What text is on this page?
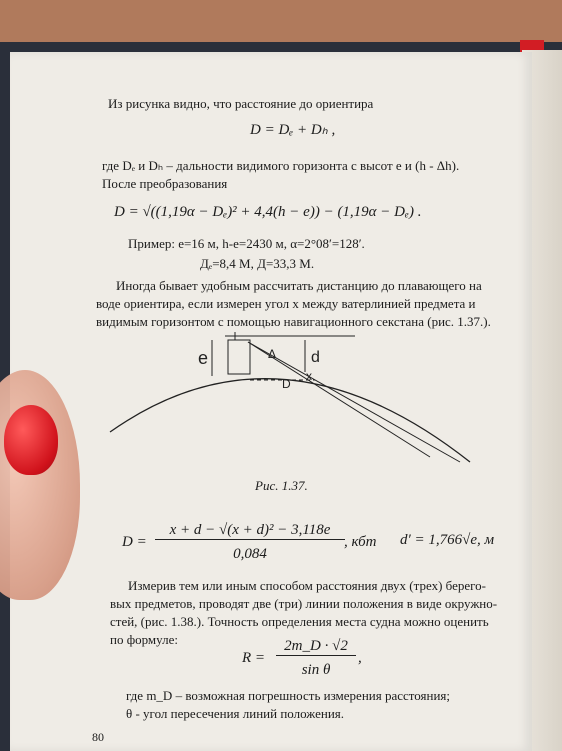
Из рисунка видно, что расстояние до ориентира
D = Dₑ + Dₕ ,
где Dₑ и Dₕ – дальности видимого горизонта с высот e и (h - Δh).
После преобразования
D = √((1,19α − Dₑ)² + 4,4(h − e)) − (1,19α − Dₑ) .
Пример: e=16 м, h-e=2430 м, α=2°08′=128′.
Дₑ=8,4 М, Д=33,3 М.
Иногда бывает удобным рассчитать дистанцию до плавающего на
воде ориентира, если измерен угол х между ватерлинией предмета и
видимым горизонтом с помощью навигационного секстана (рис. 1.37.).
e	Δ d
x
D
Рис. 1.37.
D =
x + d − √(x + d)² − 3,118e
0,084
, кбт d′ = 1,766√e, м
Измерив тем или иным способом расстояния двух (трех) берего-
вых предметов, проводят две (три) линии положения в виде окружно-
стей, (рис. 1.38.). Точность определения места судна можно оценить
по формуле:
R =
2m_D · √2
sin θ
,
где m_D – возможная погрешность измерения расстояния;
θ - угол пересечения линий положения.
80
